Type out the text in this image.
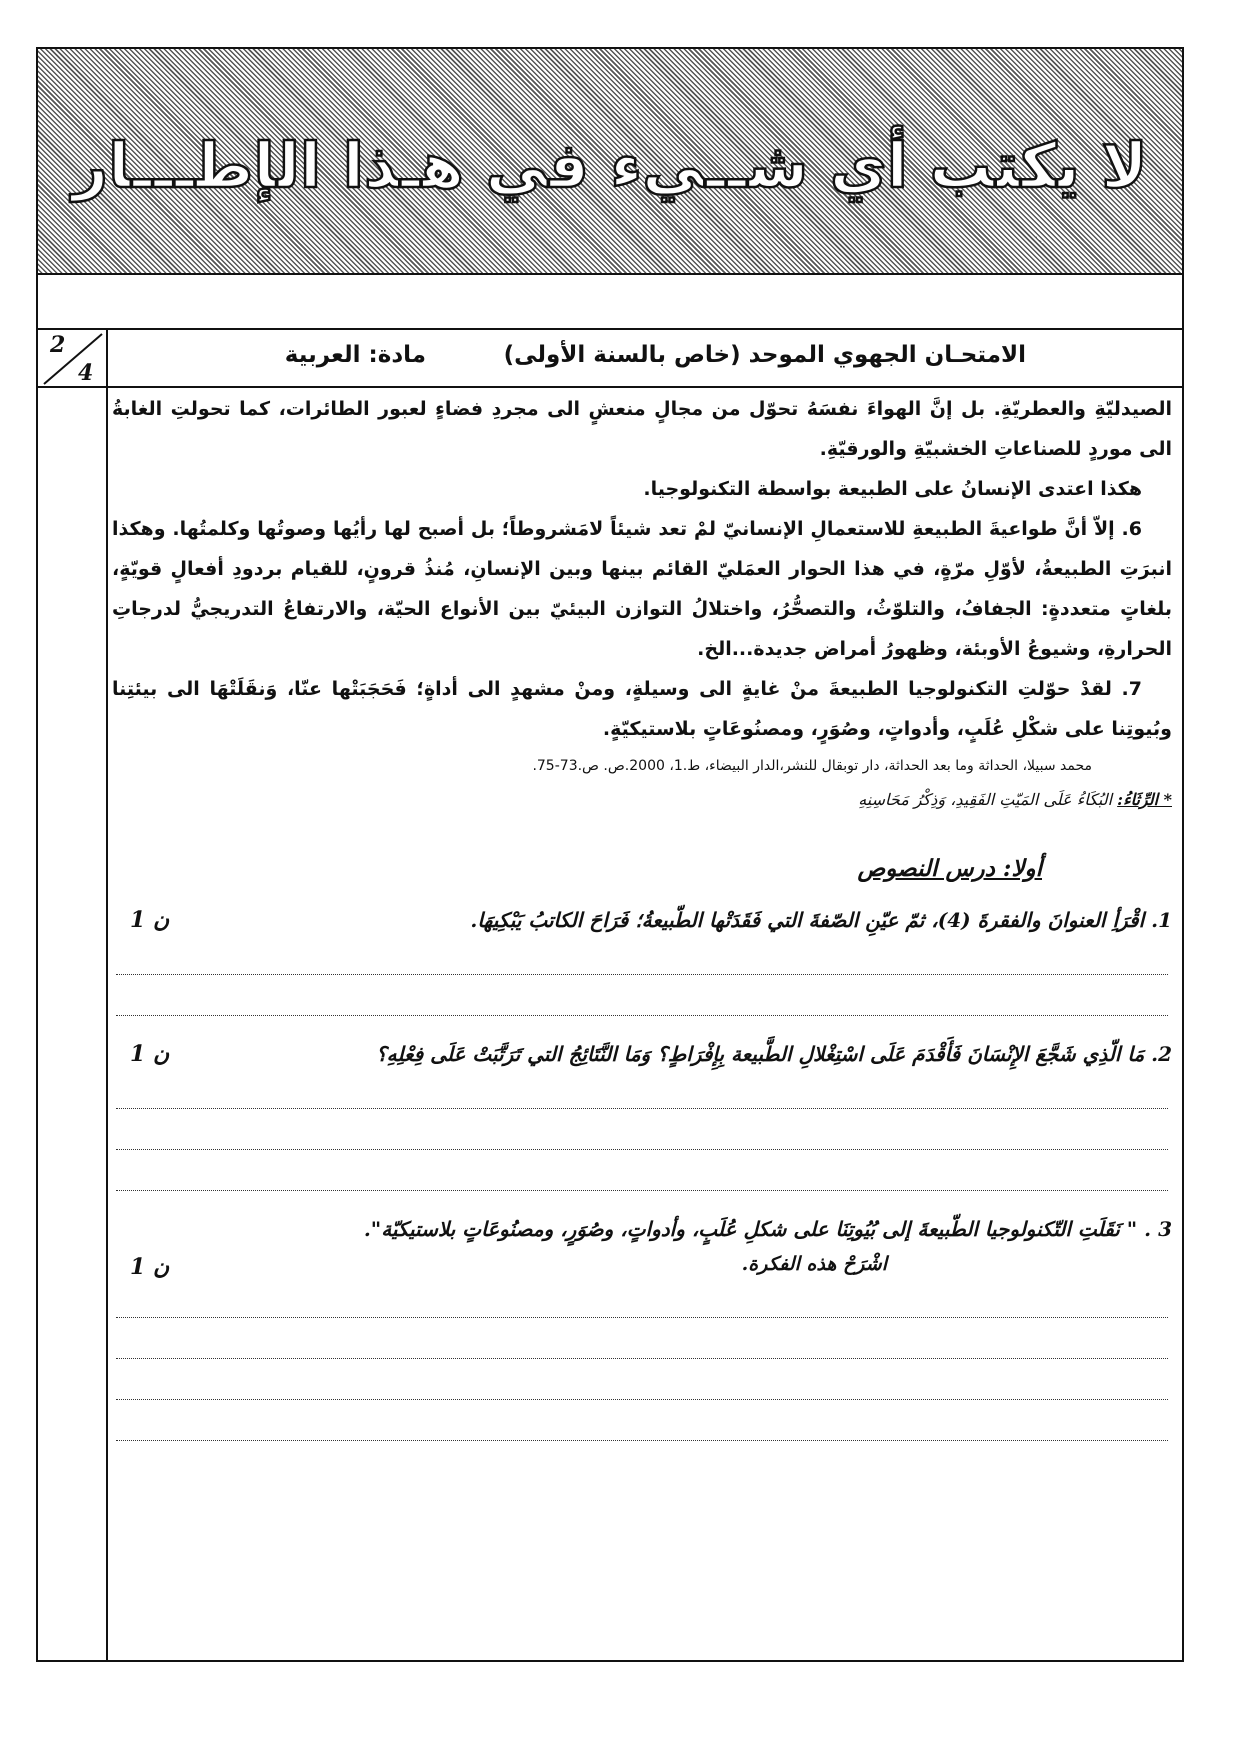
لا يكتب أي شــيء في هـذا الإطـــار
2
4
الامتحـان الجهوي الموحد (خاص بالسنة الأولى)
مادة: العربية

الصيدليّةِ والعطريّةِ. بل إنَّ الهواءَ نفسَهُ تحوّل من مجالٍ منعشٍ الى مجردِ فضاءٍ لعبور الطائرات، كما تحولتِ الغابةُ الى موردٍ للصناعاتِ الخشبيّةِ والورقيّةِ.

هكذا اعتدى الإنسانُ على الطبيعة بواسطة التكنولوجيا.

6. إلاّ أنَّ طواعيةَ الطبيعةِ للاستعمالِ الإنسانيّ لمْ تعد شيئاً لامَشروطاً؛ بل أصبح لها رأيُها وصوتُها وكلمتُها. وهكذا انبرَتِ الطبيعةُ، لأوّلِ مرّةٍ، في هذا الحوار العمَليّ القائم بينها وبين الإنسانِ، مُنذُ قرونٍ، للقيام بردودِ أفعالٍ قويّةٍ، بلغاتٍ متعددةٍ: الجفافُ، والتلوّثُ، والتصحُّرُ، واختلالُ التوازن البيئيّ بين الأنواع الحيّة، والارتفاعُ التدريجيُّ لدرجاتِ الحرارةِ، وشيوعُ الأوبئة، وظهورُ أمراض جديدة...الخ.

7. لقدْ حوّلتِ التكنولوجيا الطبيعةَ منْ غايةٍ الى وسيلةٍ، ومنْ مشهدٍ الى أداةٍ؛ فَحَجَبَتْها عنّا، وَنقَلَتْهَا الى بيئتِنا وبُيوتِنا على شكْلِ عُلَبٍ، وأدواتٍ، وصُوَرٍ، ومصنُوعَاتٍ بلاستيكيّةٍ.

محمد سبيلا، الحداثة وما بعد الحداثة، دار توبقال للنشر،الدار البيضاء، ط.1، 2000.ص. ص.73-75.

* الرِّثَاءُ: البُكَاءُ عَلَى المَيّتِ الفَقِيدِ، وَذِكْرُ مَحَاسِنِهِ

أولا: درس النصوص
1. اقْرَأِ العنوانَ والفقرةَ (4)، ثمّ عيّنِ الصّفةَ التي فَقَدَتْها الطّبيعةُ؛ فَرَاحَ الكاتبُ يَبْكِيهَا.
1 ن
2. مَا الّذِي شَجَّعَ الإِنْسَانَ فَأَقْدَمَ عَلَى اسْتِغْلالِ الطَّبيعة بِإِفْرَاطٍ؟ وَمَا النَّتَائِجُ التي تَرَتَّبَتْ عَلَى فِعْلِهِ؟
1 ن
3 . " نَقَلَتِ التّكنولوجيا الطّبيعةَ إلى بُيُوتِنَا على شكلِ عُلَبٍ، وأدواتٍ، وصُوَرٍ، ومصنُوعَاتٍ بلاستيكيّة".
اشْرَحْ هذه الفكرة.
1 ن
